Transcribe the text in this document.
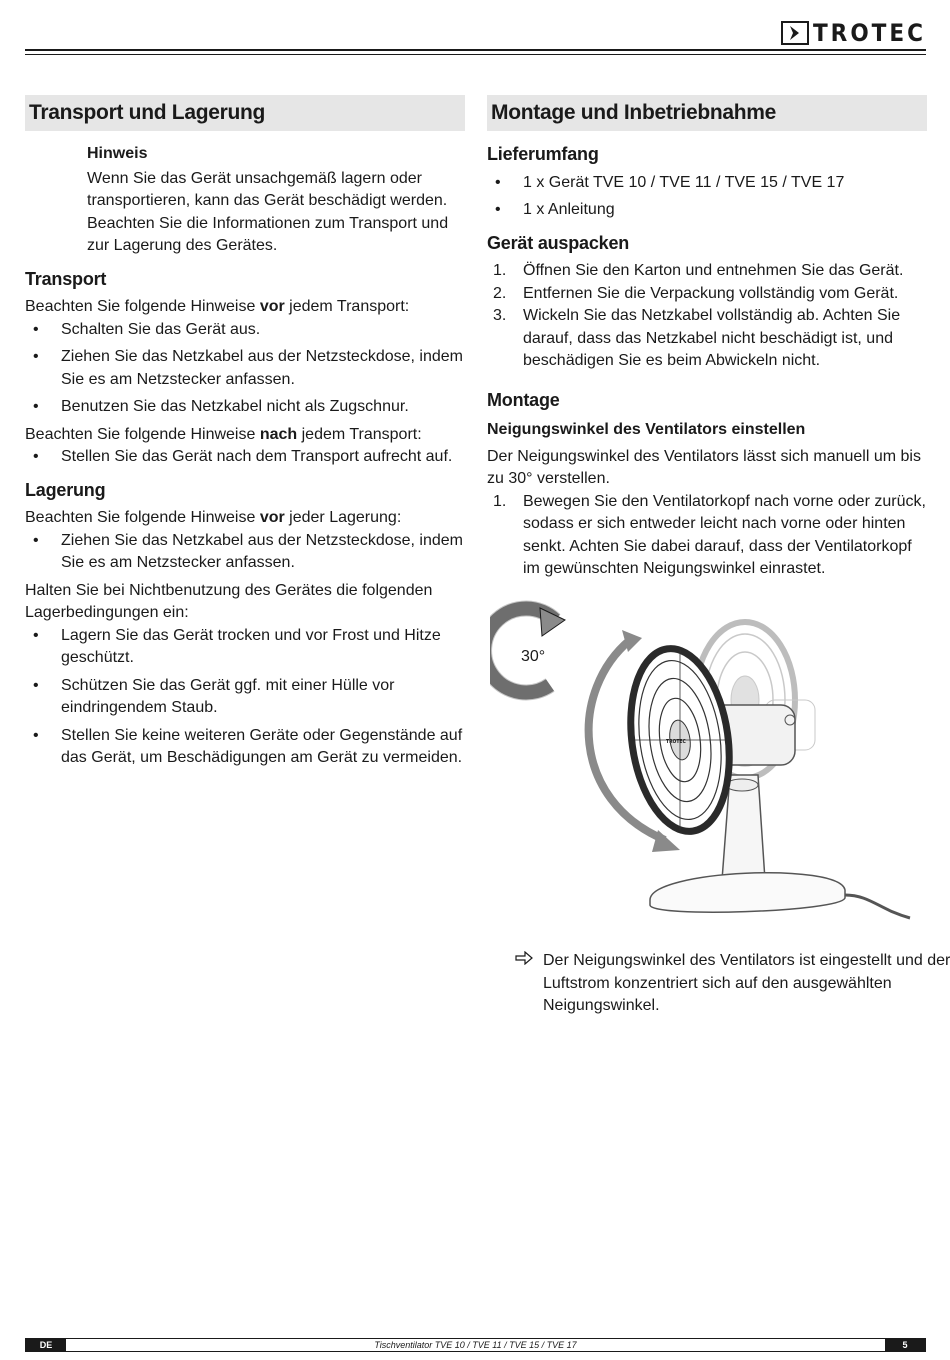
TROTEC
Transport und Lagerung
Hinweis

Wenn Sie das Gerät unsachgemäß lagern oder transportieren, kann das Gerät beschädigt werden. Beachten Sie die Informationen zum Transport und zur Lagerung des Gerätes.

Transport

Beachten Sie folgende Hinweise vor jedem Transport:

• Schalten Sie das Gerät aus.
• Ziehen Sie das Netzkabel aus der Netzsteckdose, indem Sie es am Netzstecker anfassen.
• Benutzen Sie das Netzkabel nicht als Zugschnur.

Beachten Sie folgende Hinweise nach jedem Transport:

• Stellen Sie das Gerät nach dem Transport aufrecht auf.
Lagerung

Beachten Sie folgende Hinweise vor jeder Lagerung:

• Ziehen Sie das Netzkabel aus der Netzsteckdose, indem Sie es am Netzstecker anfassen.

Halten Sie bei Nichtbenutzung des Gerätes die folgenden Lagerbedingungen ein:

• Lagern Sie das Gerät trocken und vor Frost und Hitze geschützt.
• Schützen Sie das Gerät ggf. mit einer Hülle vor eindringendem Staub.
• Stellen Sie keine weiteren Geräte oder Gegenstände auf das Gerät, um Beschädigungen am Gerät zu vermeiden.
Montage und Inbetriebnahme
Lieferumfang
• 1 x Gerät TVE 10 / TVE 11 / TVE 15 / TVE 17
• 1 x Anleitung
Gerät auspacken
1. Öffnen Sie den Karton und entnehmen Sie das Gerät.
2. Entfernen Sie die Verpackung vollständig vom Gerät.
3. Wickeln Sie das Netzkabel vollständig ab. Achten Sie darauf, dass das Netzkabel nicht beschädigt ist, und beschädigen Sie es beim Abwickeln nicht.
Montage
Neigungswinkel des Ventilators einstellen

Der Neigungswinkel des Ventilators lässt sich manuell um bis zu 30° verstellen.

1. Bewegen Sie den Ventilatorkopf nach vorne oder zurück, sodass er sich entweder leicht nach vorne oder hinten senkt. Achten Sie dabei darauf, dass der Ventilatorkopf im gewünschten Neigungswinkel einrastet.
30°
TROTEC
Der Neigungswinkel des Ventilators ist eingestellt und der Luftstrom konzentriert sich auf den ausgewählten Neigungswinkel.
DE	Tischventilator TVE 10 / TVE 11 / TVE 15 / TVE 17	5
